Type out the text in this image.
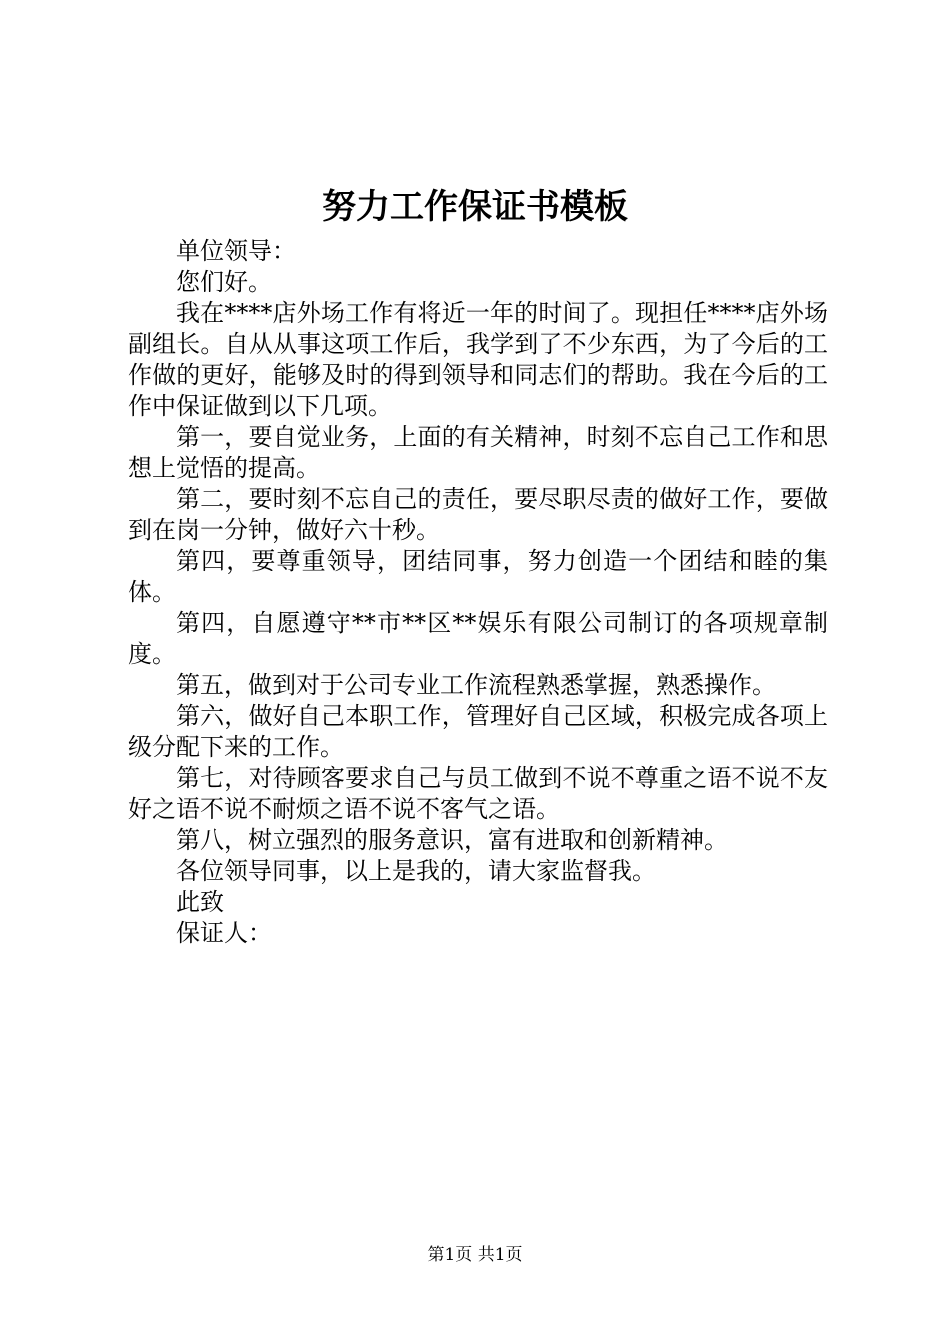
努力工作保证书模板

单位领导：

您们好。

我在****店外场工作有将近一年的时间了。现担任****店外场副组长。自从从事这项工作后，我学到了不少东西，为了今后的工作做的更好，能够及时的得到领导和同志们的帮助。我在今后的工作中保证做到以下几项。

第一，要自觉业务，上面的有关精神，时刻不忘自己工作和思想上觉悟的提高。

第二，要时刻不忘自己的责任，要尽职尽责的做好工作，要做到在岗一分钟，做好六十秒。

第四，要尊重领导，团结同事，努力创造一个团结和睦的集体。

第四，自愿遵守**市**区**娱乐有限公司制订的各项规章制度。

第五，做到对于公司专业工作流程熟悉掌握，熟悉操作。

第六，做好自己本职工作，管理好自己区域，积极完成各项上级分配下来的工作。

第七，对待顾客要求自己与员工做到不说不尊重之语不说不友好之语不说不耐烦之语不说不客气之语。

第八，树立强烈的服务意识，富有进取和创新精神。

各位领导同事，以上是我的，请大家监督我。

此致

保证人：

第1页 共1页
